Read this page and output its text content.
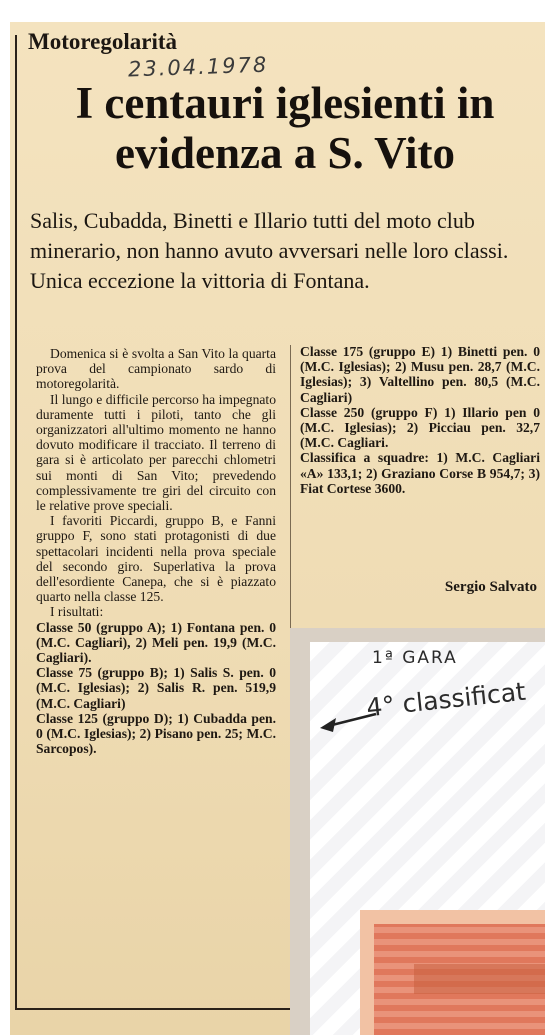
Motoregolarità
23.04.1978
I centauri iglesienti in evidenza a S. Vito

Salis, Cubadda, Binetti e Illario tutti del moto club minerario, non hanno avuto avversari nelle loro classi. Unica eccezione la vittoria di Fontana.

Domenica si è svolta a San Vito la quarta prova del campionato sardo di motoregolarità.

Il lungo e difficile percorso ha impegnato duramente tutti i piloti, tanto che gli organizzatori all'ultimo momento ne hanno dovuto modificare il tracciato. Il terreno di gara si è articolato per parecchi chlometri sui monti di San Vito; prevedendo complessivamente tre giri del circuito con le relative prove speciali.

I favoriti Piccardi, gruppo B, e Fanni gruppo F, sono stati protagonisti di due spettacolari incidenti nella prova speciale del secondo giro. Superlativa la prova dell'esordiente Canepa, che si è piazzato quarto nella classe 125.

I risultati:

Classe 50 (gruppo A); 1) Fontana pen. 0 (M.C. Cagliari), 2) Meli pen. 19,9 (M.C. Cagliari).

Classe 75 (gruppo B); 1) Salis S. pen. 0 (M.C. Iglesias); 2) Salis R. pen. 519,9 (M.C. Cagliari)

Classe 125 (gruppo D); 1) Cubadda pen. 0 (M.C. Iglesias); 2) Pisano pen. 25; M.C. Sarcopos).

Classe 175 (gruppo E) 1) Binetti pen. 0 (M.C. Iglesias); 2) Musu pen. 28,7 (M.C. Iglesias); 3) Valtellino pen. 80,5 (M.C. Cagliari)

Classe 250 (gruppo F) 1) Illario pen 0 (M.C. Iglesias); 2) Picciau pen. 32,7 (M.C. Cagliari.

Classifica a squadre: 1) M.C. Cagliari «A» 133,1; 2) Graziano Corse B 954,7; 3) Fiat Cortese 3600.

Sergio Salvato
1ª GARA
4° classificat
